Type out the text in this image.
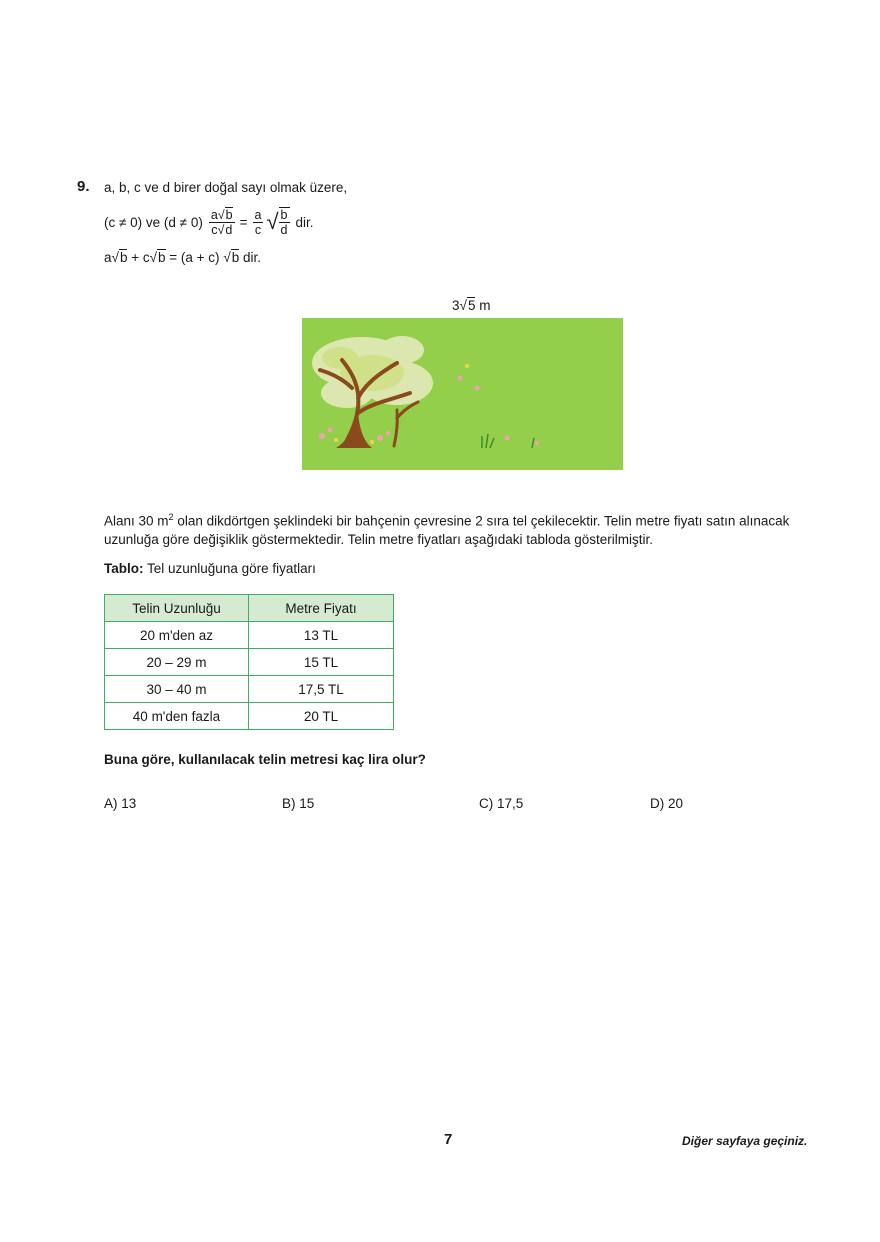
9. a, b, c ve d birer doğal sayı olmak üzere,
(c ≠ 0) ve $(d \ne 0) \frac{a√b}{c√d} = \frac{a}{c}$ √ $\frac{b}{d}$ dir.
a√b + c√b = (a + c) √b dir.
3√5 m
Alanı 30 $m^2$ olan dikdörtgen şeklindeki bir bahçenin çevresine 2 sıra tel çekilecektir. Telin metre fiyatı satın alınacak uzunluğa göre değişiklik göstermektedir. Telin metre fiyatları aşağıdaki tabloda gösterilmiştir.
Tablo: Tel uzunluğuna göre fiyatları
Telin Uzunluğu	Metre Fiyatı
20 m'den az	13 TL
20 – 29 m	15 TL
30 – 40 m	17,5 TL
40 m'den fazla	20 TL
Buna göre, kullanılacak telin metresi kaç lira olur?
A) 13	B) 15	C) 17,5	D) 20
7	Diğer sayfaya geçiniz.
